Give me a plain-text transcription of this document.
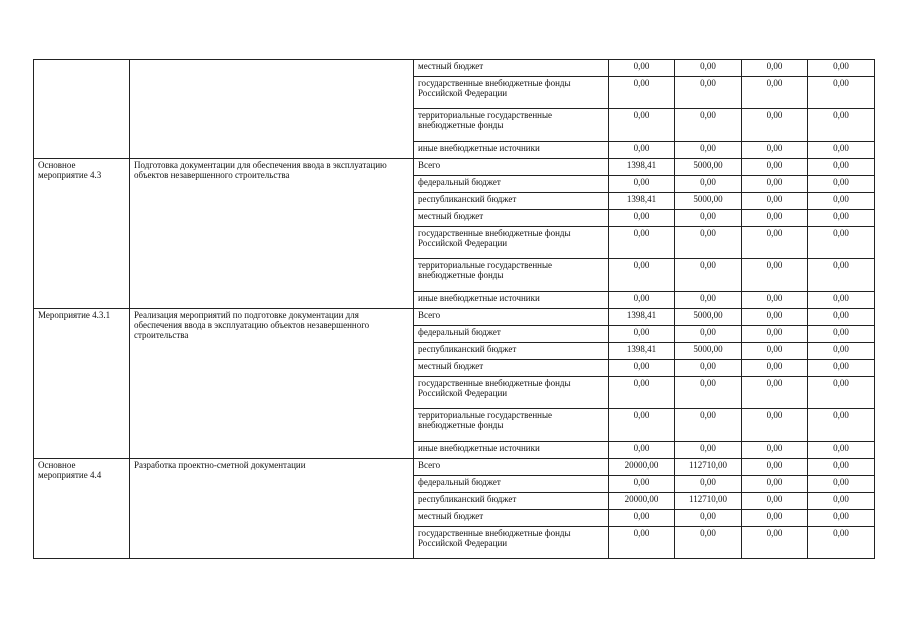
		местный бюджет	0,00	0,00	0,00	0,00
		государственные внебюджетные фонды Российской Федерации	0,00	0,00	0,00	0,00
		территориальные государственные внебюджетные фонды	0,00	0,00	0,00	0,00
		иные внебюджетные источники	0,00	0,00	0,00	0,00
Основное мероприятие 4.3	Подготовка документации для обеспечения ввода в эксплуатацию объектов незавершенного строительства	Всего	1398,41	5000,00	0,00	0,00
		федеральный бюджет	0,00	0,00	0,00	0,00
		республиканский бюджет	1398,41	5000,00	0,00	0,00
		местный бюджет	0,00	0,00	0,00	0,00
		государственные внебюджетные фонды Российской Федерации	0,00	0,00	0,00	0,00
		территориальные государственные внебюджетные фонды	0,00	0,00	0,00	0,00
		иные внебюджетные источники	0,00	0,00	0,00	0,00
Мероприятие 4.3.1	Реализация мероприятий по подготовке документации для обеспечения ввода в эксплуатацию объектов незавершенного строительства	Всего	1398,41	5000,00	0,00	0,00
		федеральный бюджет	0,00	0,00	0,00	0,00
		республиканский бюджет	1398,41	5000,00	0,00	0,00
		местный бюджет	0,00	0,00	0,00	0,00
		государственные внебюджетные фонды Российской Федерации	0,00	0,00	0,00	0,00
		территориальные государственные внебюджетные фонды	0,00	0,00	0,00	0,00
		иные внебюджетные источники	0,00	0,00	0,00	0,00
Основное мероприятие 4.4	Разработка проектно-сметной документации	Всего	20000,00	112710,00	0,00	0,00
		федеральный бюджет	0,00	0,00	0,00	0,00
		республиканский бюджет	20000,00	112710,00	0,00	0,00
		местный бюджет	0,00	0,00	0,00	0,00
		государственные внебюджетные фонды Российской Федерации	0,00	0,00	0,00	0,00
